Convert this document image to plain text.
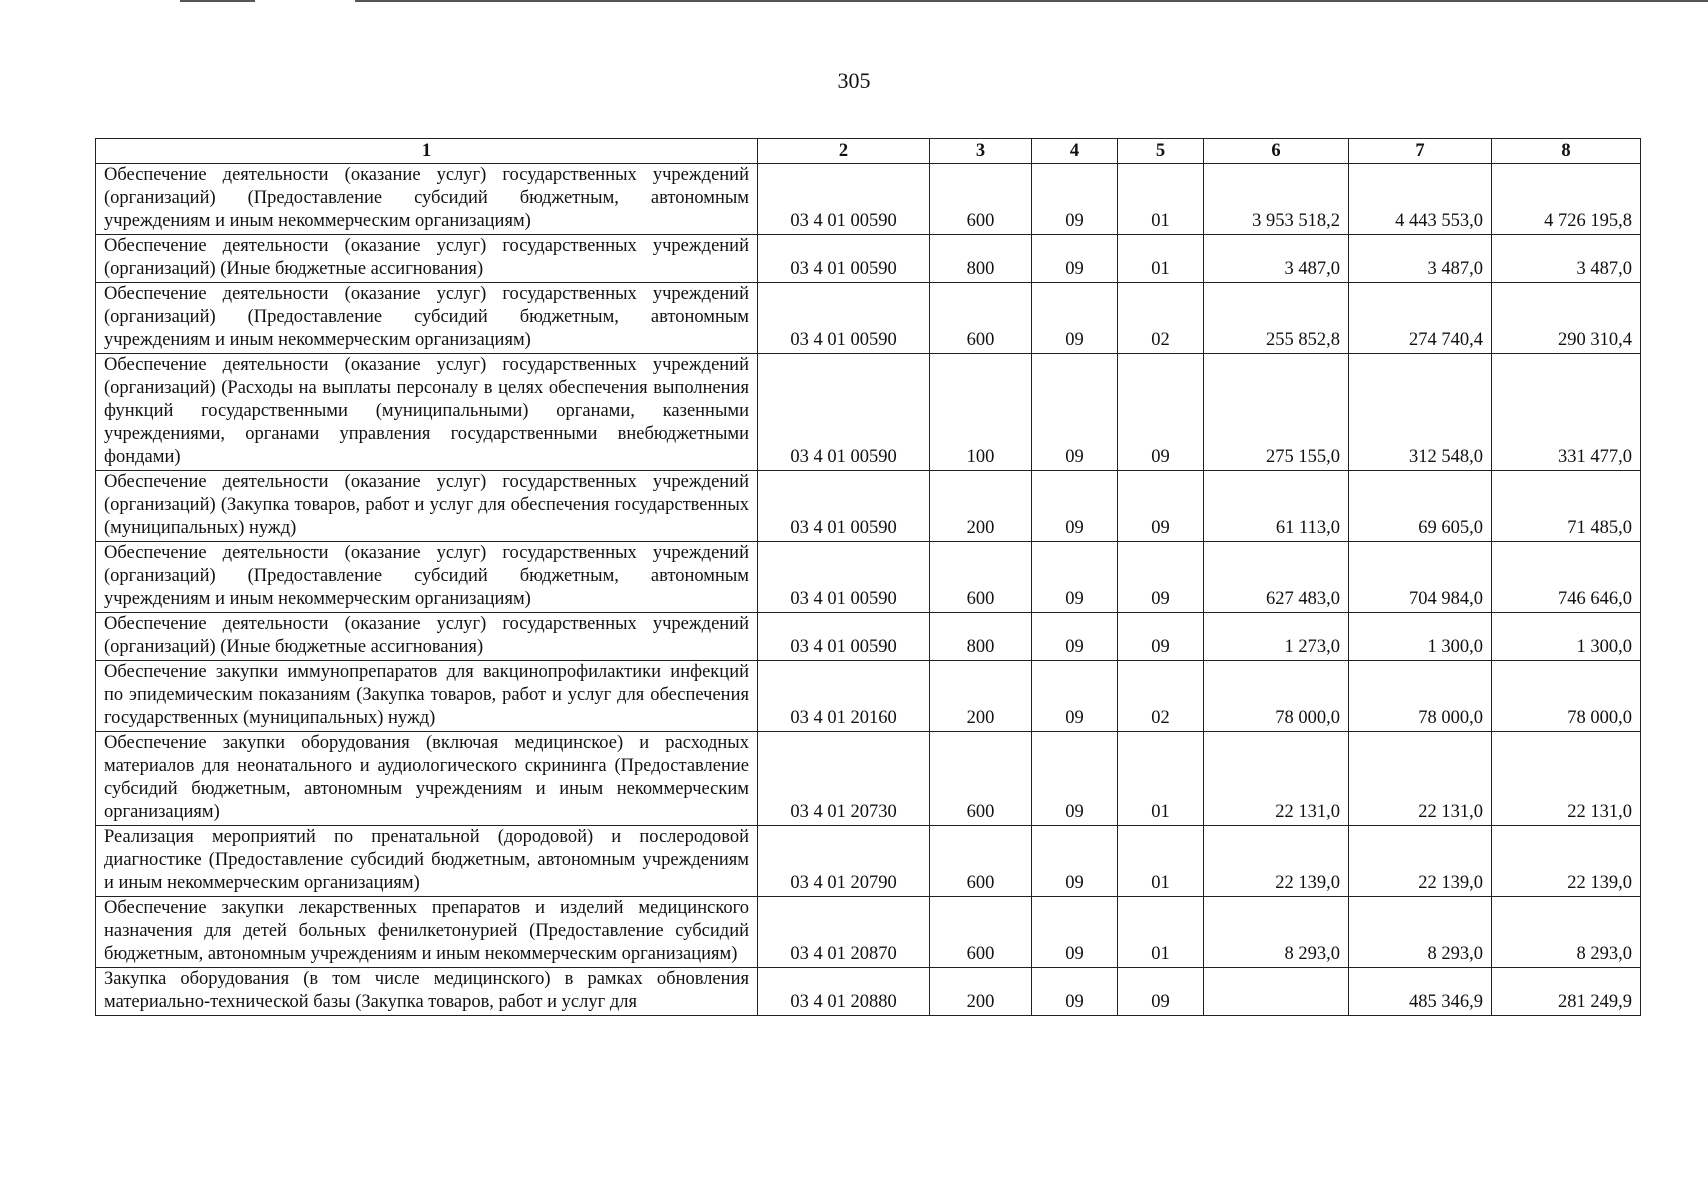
305
1	2	3	4	5	6	7	8
Обеспечение деятельности (оказание услуг) государственных учреждений (организаций) (Предоставление субсидий бюджетным, автономным учреждениям и иным некоммерческим организациям)	03 4 01 00590	600	09	01	3 953 518,2	4 443 553,0	4 726 195,8
Обеспечение деятельности (оказание услуг) государственных учреждений (организаций) (Иные бюджетные ассигнования)	03 4 01 00590	800	09	01	3 487,0	3 487,0	3 487,0
Обеспечение деятельности (оказание услуг) государственных учреждений (организаций) (Предоставление субсидий бюджетным, автономным учреждениям и иным некоммерческим организациям)	03 4 01 00590	600	09	02	255 852,8	274 740,4	290 310,4
Обеспечение деятельности (оказание услуг) государственных учреждений (организаций) (Расходы на выплаты персоналу в целях обеспечения выполнения функций государственными (муниципальными) органами, казенными учреждениями, органами управления государственными внебюджетными фондами)	03 4 01 00590	100	09	09	275 155,0	312 548,0	331 477,0
Обеспечение деятельности (оказание услуг) государственных учреждений (организаций) (Закупка товаров, работ и услуг для обеспечения государственных (муниципальных) нужд)	03 4 01 00590	200	09	09	61 113,0	69 605,0	71 485,0
Обеспечение деятельности (оказание услуг) государственных учреждений (организаций) (Предоставление субсидий бюджетным, автономным учреждениям и иным некоммерческим организациям)	03 4 01 00590	600	09	09	627 483,0	704 984,0	746 646,0
Обеспечение деятельности (оказание услуг) государственных учреждений (организаций) (Иные бюджетные ассигнования)	03 4 01 00590	800	09	09	1 273,0	1 300,0	1 300,0
Обеспечение закупки иммунопрепаратов для вакцинопрофилактики инфекций по эпидемическим показаниям (Закупка товаров, работ и услуг для обеспечения государственных (муниципальных) нужд)	03 4 01 20160	200	09	02	78 000,0	78 000,0	78 000,0
Обеспечение закупки оборудования (включая медицинское) и расходных материалов для неонатального и аудиологического скрининга (Предоставление субсидий бюджетным, автономным учреждениям и иным некоммерческим организациям)	03 4 01 20730	600	09	01	22 131,0	22 131,0	22 131,0
Реализация мероприятий по пренатальной (дородовой) и послеродовой диагностике (Предоставление субсидий бюджетным, автономным учреждениям и иным некоммерческим организациям)	03 4 01 20790	600	09	01	22 139,0	22 139,0	22 139,0
Обеспечение закупки лекарственных препаратов и изделий медицинского назначения для детей больных фенилкетонурией (Предоставление субсидий бюджетным, автономным учреждениям и иным некоммерческим организациям)	03 4 01 20870	600	09	01	8 293,0	8 293,0	8 293,0
Закупка оборудования (в том числе медицинского) в рамках обновления материально-технической базы (Закупка товаров, работ и услуг для	03 4 01 20880	200	09	09		485 346,9	281 249,9
